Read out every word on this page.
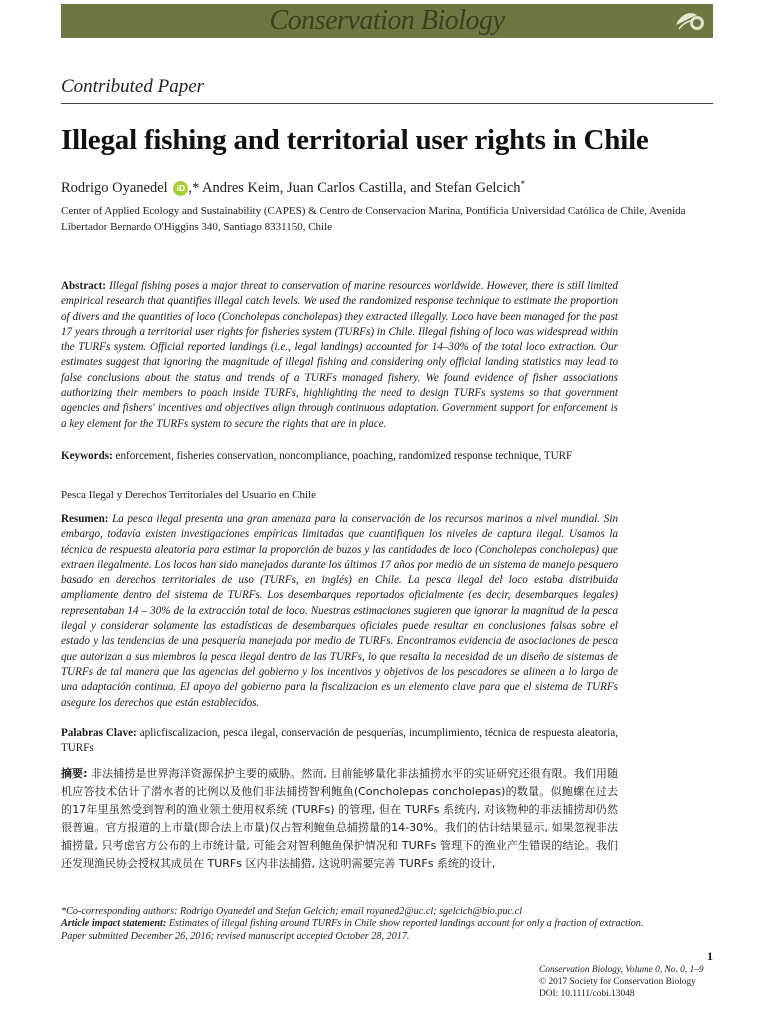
Conservation Biology
Contributed Paper
Illegal fishing and territorial user rights in Chile
Rodrigo Oyanedel iD ,* Andres Keim, Juan Carlos Castilla, and Stefan Gelcich*
Center of Applied Ecology and Sustainability (CAPES) & Centro de Conservacion Marina, Pontificia Universidad Católica de Chile, Avenida Libertador Bernardo O'Higgins 340, Santiago 8331150, Chile
Abstract: Illegal fishing poses a major threat to conservation of marine resources worldwide. However, there is still limited empirical research that quantifies illegal catch levels. We used the randomized response technique to estimate the proportion of divers and the quantities of loco (Concholepas concholepas) they extracted illegally. Loco have been managed for the past 17 years through a territorial user rights for fisheries system (TURFs) in Chile. Illegal fishing of loco was widespread within the TURFs system. Official reported landings (i.e., legal landings) accounted for 14–30% of the total loco extraction. Our estimates suggest that ignoring the magnitude of illegal fishing and considering only official landing statistics may lead to false conclusions about the status and trends of a TURFs managed fishery. We found evidence of fisher associations authorizing their members to poach inside TURFs, highlighting the need to design TURFs systems so that government agencies and fishers' incentives and objectives align through continuous adaptation. Government support for enforcement is a key element for the TURFs system to secure the rights that are in place.
Keywords: enforcement, fisheries conservation, noncompliance, poaching, randomized response technique, TURF
Pesca Ilegal y Derechos Territoriales del Usuario en Chile
Resumen: La pesca ilegal presenta una gran amenaza para la conservación de los recursos marinos a nivel mundial. Sin embargo, todavía existen investigaciones empíricas limitadas que cuantifiquen los niveles de captura ilegal. Usamos la técnica de respuesta aleatoria para estimar la proporción de buzos y las cantidades de loco (Concholepas concholepas) que extraen ilegalmente. Los locos han sido manejados durante los últimos 17 años por medio de un sistema de manejo pesquero basado en derechos territoriales de uso (TURFs, en inglés) en Chile. La pesca ilegal del loco estaba distribuida ampliamente dentro del sistema de TURFs. Los desembarques reportados oficialmente (es decir, desembarques legales) representaban 14 – 30% de la extracción total de loco. Nuestras estimaciones sugieren que ignorar la magnitud de la pesca ilegal y considerar solamente las estadísticas de desembarques oficiales puede resultar en conclusiones falsas sobre el estado y las tendencias de una pesquería manejada por medio de TURFs. Encontramos evidencia de asociaciones de pesca que autorizan a sus miembros la pesca ilegal dentro de las TURFs, lo que resalta la necesidad de un diseño de sistemas de TURFs de tal manera que las agencias del gobierno y los incentivos y objetivos de los pescadores se alineen a lo largo de una adaptación continua. El apoyo del gobierno para la fiscalizacion es un elemento clave para que el sistema de TURFs asegure los derechos que están establecidos.
Palabras Clave: aplicfiscalizacion, pesca ilegal, conservación de pesquerías, incumplimiento, técnica de respuesta aleatoria, TURFs
摘要: 非法捕捞是世界海洋资源保护主要的威胁。然而, 目前能够量化非法捕捞水平的实证研究还很有限。我们用随机应答技术估计了潜水者的比例以及他们非法捕捞智利鲍鱼(Concholepas concholepas)的数量。似鲍螺在过去的17年里虽然受到智利的渔业领土使用权系统 (TURFs) 的管理, 但在 TURFs 系统内, 对该物种的非法捕捞却仍然很普遍。官方报道的上市量(即合法上市量)仅占智利鲍鱼总捕捞量的14-30%。我们的估计结果显示, 如果忽视非法捕捞量, 只考虑官方公布的上市统计量, 可能会对智利鲍鱼保护情况和 TURFs 管理下的渔业产生错误的结论。我们还发现渔民协会授权其成员在 TURFs 区内非法捕猎, 这说明需要完善 TURFs 系统的设计,
*Co-corresponding authors: Rodrigo Oyanedel and Stefan Gelcich; email royaned2@uc.cl; sgelcich@bio.puc.cl
Article impact statement: Estimates of illegal fishing around TURFs in Chile show reported landings account for only a fraction of extraction.
Paper submitted December 26, 2016; revised manuscript accepted October 28, 2017.
1
Conservation Biology, Volume 0, No. 0, 1–9
© 2017 Society for Conservation Biology
DOI: 10.1111/cobi.13048
